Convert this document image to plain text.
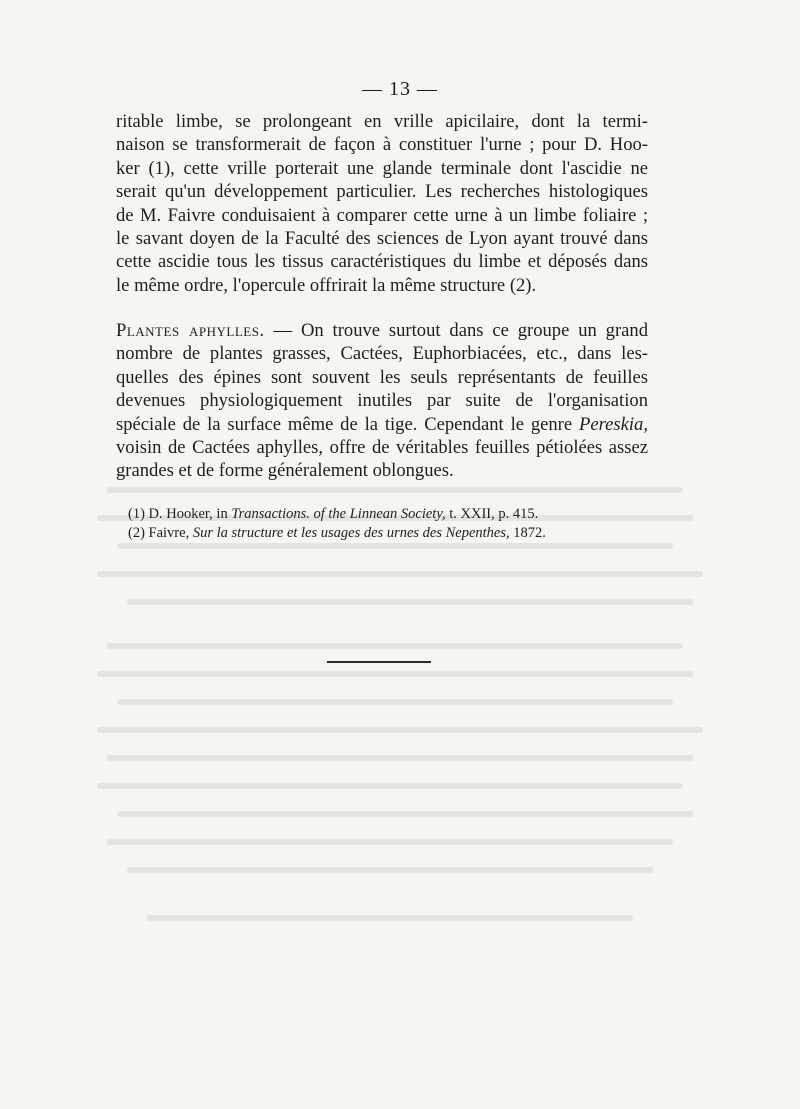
— 13 —
ritable limbe, se prolongeant en vrille apicilaire, dont la termi-
naison se transformerait de façon à constituer l'urne ; pour D. Hoo-
ker (1), cette vrille porterait une glande terminale dont l'ascidie ne
serait qu'un développement particulier. Les recherches histologiques
de M. Faivre conduisaient à comparer cette urne à un limbe foliaire ;
le savant doyen de la Faculté des sciences de Lyon ayant trouvé dans
cette ascidie tous les tissus caractéristiques du limbe et déposés dans
le même ordre, l'opercule offrirait la même structure (2).
Plantes aphylles. — On trouve surtout dans ce groupe un grand
nombre de plantes grasses, Cactées, Euphorbiacées, etc., dans les-
quelles des épines sont souvent les seuls représentants de feuilles
devenues physiologiquement inutiles par suite de l'organisation
spéciale de la surface même de la tige. Cependant le genre Pereskia,
voisin de Cactées aphylles, offre de véritables feuilles pétiolées assez
grandes et de forme généralement oblongues.
(1) D. Hooker, in Transactions. of the Linnean Society, t. XXII, p. 415.
(2) Faivre, Sur la structure et les usages des urnes des Nepenthes, 1872.
